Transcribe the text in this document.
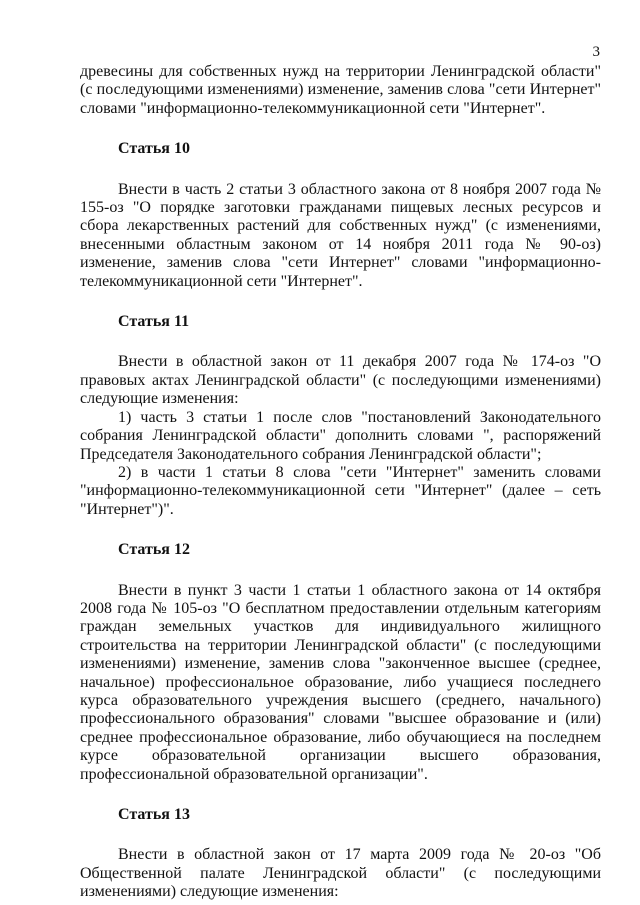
3

древесины для собственных нужд на территории Ленинградской области" (с последующими изменениями) изменение, заменив слова "сети Интернет" словами "информационно-телекоммуникационной сети "Интернет".

Статья 10

Внести в часть 2 статьи 3 областного закона от 8 ноября 2007 года № 155-оз "О порядке заготовки гражданами пищевых лесных ресурсов и сбора лекарственных растений для собственных нужд" (с изменениями, внесенными областным законом от 14 ноября 2011 года № 90-оз) изменение, заменив слова "сети Интернет" словами "информационно-телекоммуникационной сети "Интернет".

Статья 11

Внести в областной закон от 11 декабря 2007 года № 174-оз "О правовых актах Ленинградской области" (с последующими изменениями) следующие изменения:

1) часть 3 статьи 1 после слов "постановлений Законодательного собрания Ленинградской области" дополнить словами ", распоряжений Председателя Законодательного собрания Ленинградской области";

2) в части 1 статьи 8 слова "сети "Интернет" заменить словами "информационно-телекоммуникационной сети "Интернет" (далее – сеть "Интернет")".

Статья 12

Внести в пункт 3 части 1 статьи 1 областного закона от 14 октября 2008 года № 105-оз "О бесплатном предоставлении отдельным категориям граждан земельных участков для индивидуального жилищного строительства на территории Ленинградской области" (с последующими изменениями) изменение, заменив слова "законченное высшее (среднее, начальное) профессиональное образование, либо учащиеся последнего курса образовательного учреждения высшего (среднего, начального) профессионального образования" словами "высшее образование и (или) среднее профессиональное образование, либо обучающиеся на последнем курсе образовательной организации высшего образования, профессиональной образовательной организации".

Статья 13

Внести в областной закон от 17 марта 2009 года № 20-оз "Об Общественной палате Ленинградской области" (с последующими изменениями) следующие изменения:
